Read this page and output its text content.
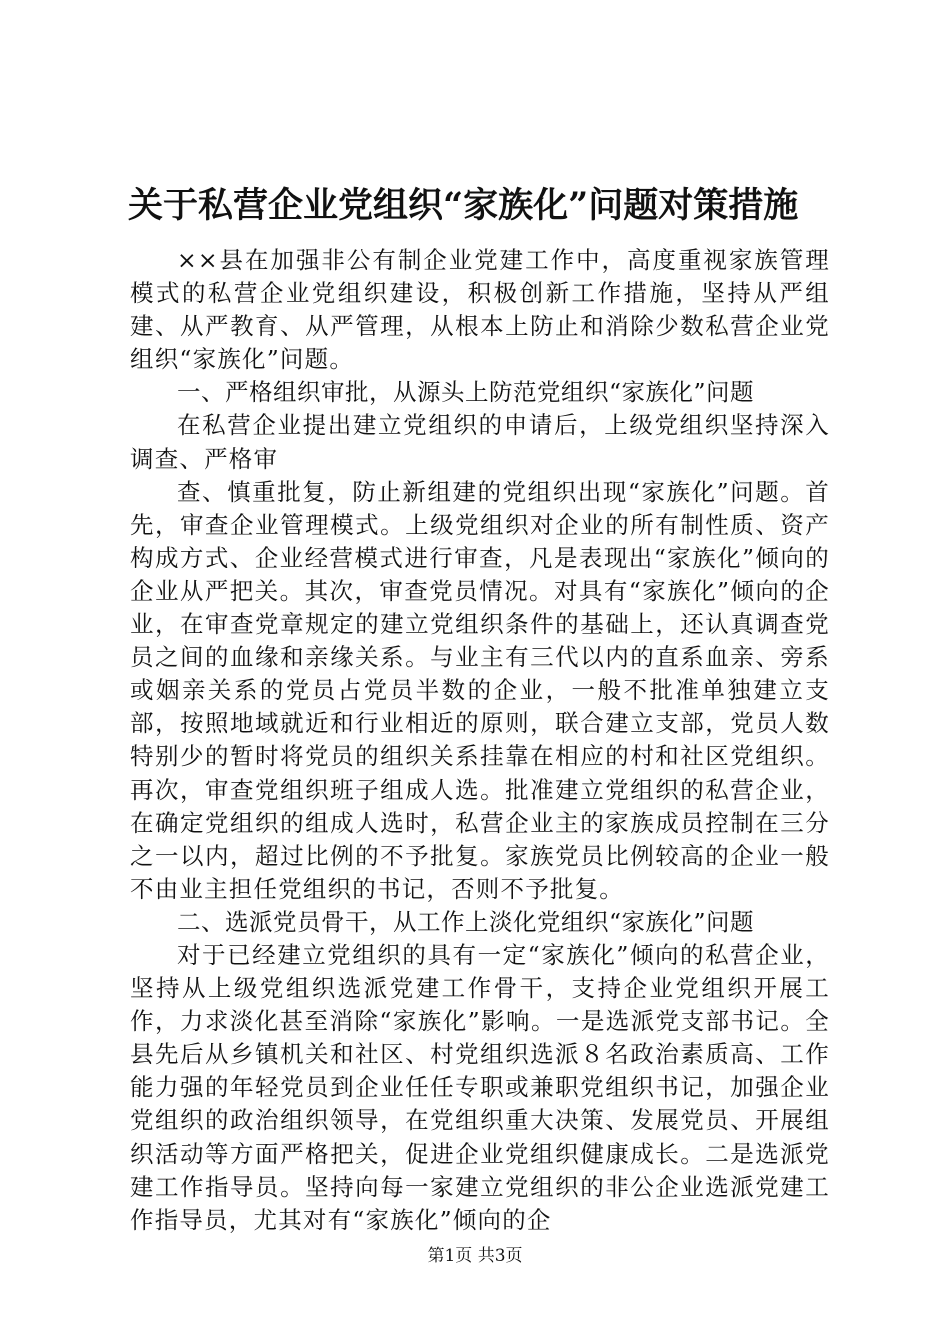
关于私营企业党组织“家族化”问题对策措施

××县在加强非公有制企业党建工作中，高度重视家族管理模式的私营企业党组织建设，积极创新工作措施，坚持从严组建、从严教育、从严管理，从根本上防止和消除少数私营企业党组织“家族化”问题。

一、严格组织审批，从源头上防范党组织“家族化”问题

在私营企业提出建立党组织的申请后，上级党组织坚持深入调查、严格审

查、慎重批复，防止新组建的党组织出现“家族化”问题。首先，审查企业管理模式。上级党组织对企业的所有制性质、资产构成方式、企业经营模式进行审查，凡是表现出“家族化”倾向的企业从严把关。其次，审查党员情况。对具有“家族化”倾向的企业，在审查党章规定的建立党组织条件的基础上，还认真调查党员之间的血缘和亲缘关系。与业主有三代以内的直系血亲、旁系或姻亲关系的党员占党员半数的企业，一般不批准单独建立支部，按照地域就近和行业相近的原则，联合建立支部，党员人数特别少的暂时将党员的组织关系挂靠在相应的村和社区党组织。再次，审查党组织班子组成人选。批准建立党组织的私营企业，在确定党组织的组成人选时，私营企业主的家族成员控制在三分之一以内，超过比例的不予批复。家族党员比例较高的企业一般不由业主担任党组织的书记，否则不予批复。

二、选派党员骨干，从工作上淡化党组织“家族化”问题

对于已经建立党组织的具有一定“家族化”倾向的私营企业，坚持从上级党组织选派党建工作骨干，支持企业党组织开展工作，力求淡化甚至消除“家族化”影响。一是选派党支部书记。全县先后从乡镇机关和社区、村党组织选派８名政治素质高、工作能力强的年轻党员到企业任任专职或兼职党组织书记，加强企业党组织的政治组织领导，在党组织重大决策、发展党员、开展组织活动等方面严格把关，促进企业党组织健康成长。二是选派党建工作指导员。坚持向每一家建立党组织的非公企业选派党建工作指导员，尤其对有“家族化”倾向的企

第1页 共3页
